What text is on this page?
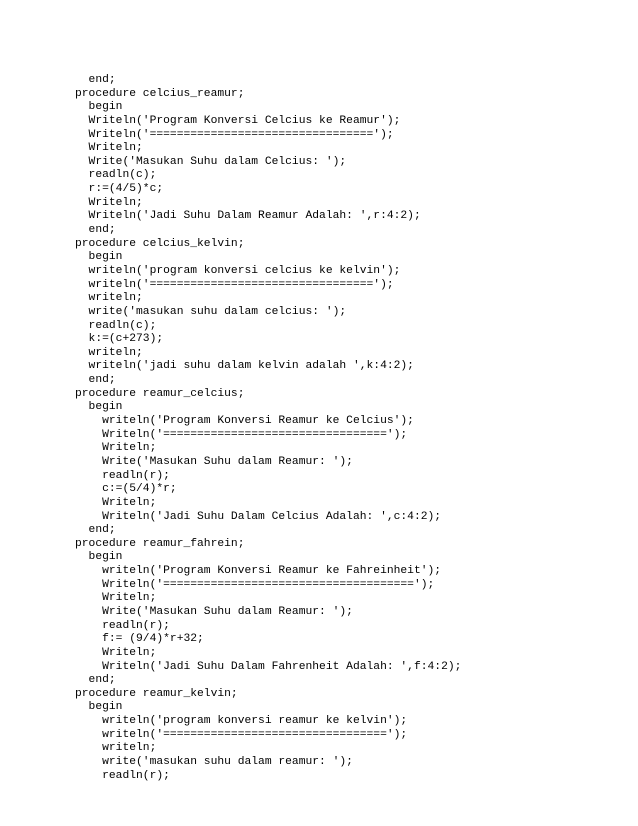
end;
procedure celcius_reamur;
begin
Writeln('Program Konversi Celcius ke Reamur');
Writeln('=================================');
Writeln;
Write('Masukan Suhu dalam Celcius: ');
readln(c);
r:=(4/5)*c;
Writeln;
Writeln('Jadi Suhu Dalam Reamur Adalah: ',r:4:2);
end;
procedure celcius_kelvin;
begin
writeln('program konversi celcius ke kelvin');
writeln('=================================');
writeln;
write('masukan suhu dalam celcius: ');
readln(c);
k:=(c+273);
writeln;
writeln('jadi suhu dalam kelvin adalah ',k:4:2);
end;
procedure reamur_celcius;
begin
writeln('Program Konversi Reamur ke Celcius');
Writeln('=================================');
Writeln;
Write('Masukan Suhu dalam Reamur: ');
readln(r);
c:=(5/4)*r;
Writeln;
Writeln('Jadi Suhu Dalam Celcius Adalah: ',c:4:2);
end;
procedure reamur_fahrein;
begin
writeln('Program Konversi Reamur ke Fahreinheit');
Writeln('=====================================');
Writeln;
Write('Masukan Suhu dalam Reamur: ');
readln(r);
f:= (9/4)*r+32;
Writeln;
Writeln('Jadi Suhu Dalam Fahrenheit Adalah: ',f:4:2);
end;
procedure reamur_kelvin;
begin
writeln('program konversi reamur ke kelvin');
writeln('=================================');
writeln;
write('masukan suhu dalam reamur: ');
readln(r);
